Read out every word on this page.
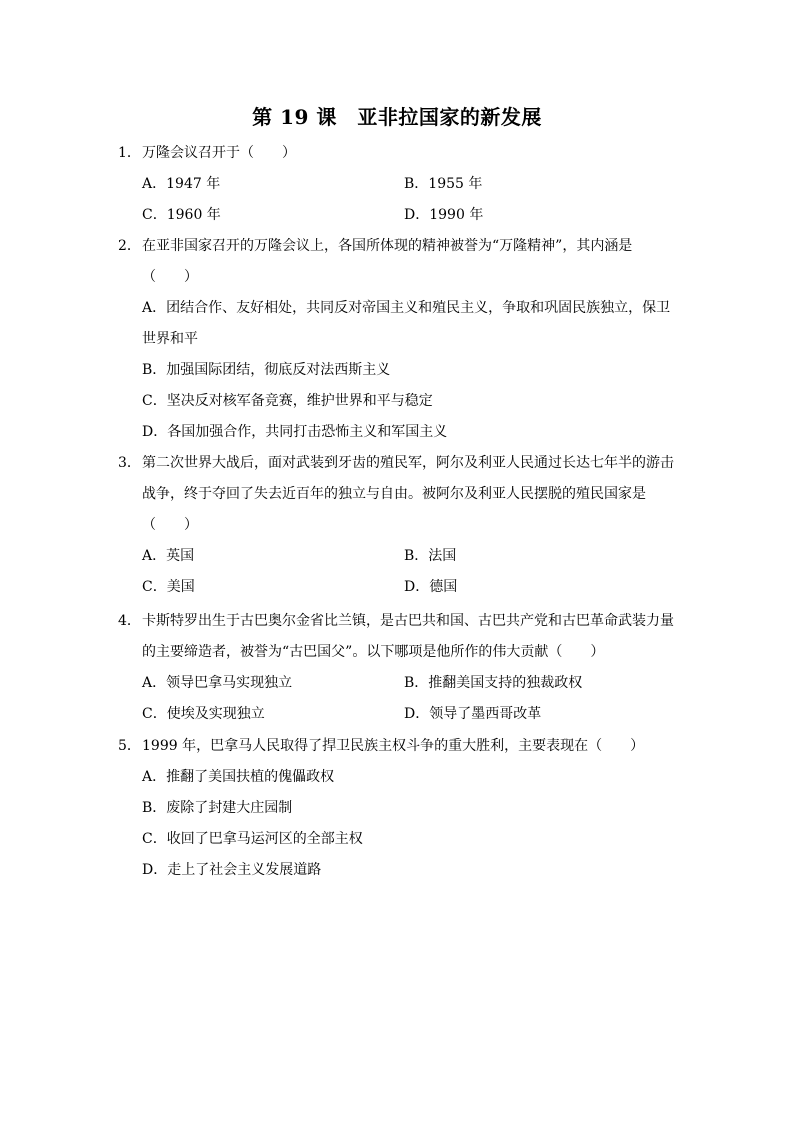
第 19 课　亚非拉国家的新发展
1．万隆会议召开于（　　）
A．1947 年	B．1955 年
C．1960 年	D．1990 年
2．在亚非国家召开的万隆会议上，各国所体现的精神被誉为“万隆精神”，其内涵是（　　）
A．团结合作、友好相处，共同反对帝国主义和殖民主义，争取和巩固民族独立，保卫世界和平
B．加强国际团结，彻底反对法西斯主义
C．坚决反对核军备竞赛，维护世界和平与稳定
D．各国加强合作，共同打击恐怖主义和军国主义
3．第二次世界大战后，面对武装到牙齿的殖民军，阿尔及利亚人民通过长达七年半的游击战争，终于夺回了失去近百年的独立与自由。被阿尔及利亚人民摆脱的殖民国家是（　　）
A．英国	B．法国
C．美国	D．德国
4．卡斯特罗出生于古巴奥尔金省比兰镇，是古巴共和国、古巴共产党和古巴革命武装力量的主要缔造者，被誉为“古巴国父”。以下哪项是他所作的伟大贡献（　　）
A．领导巴拿马实现独立	B．推翻美国支持的独裁政权
C．使埃及实现独立	D．领导了墨西哥改革
5．1999 年，巴拿马人民取得了捍卫民族主权斗争的重大胜利，主要表现在（　　）
A．推翻了美国扶植的傀儡政权
B．废除了封建大庄园制
C．收回了巴拿马运河区的全部主权
D．走上了社会主义发展道路
